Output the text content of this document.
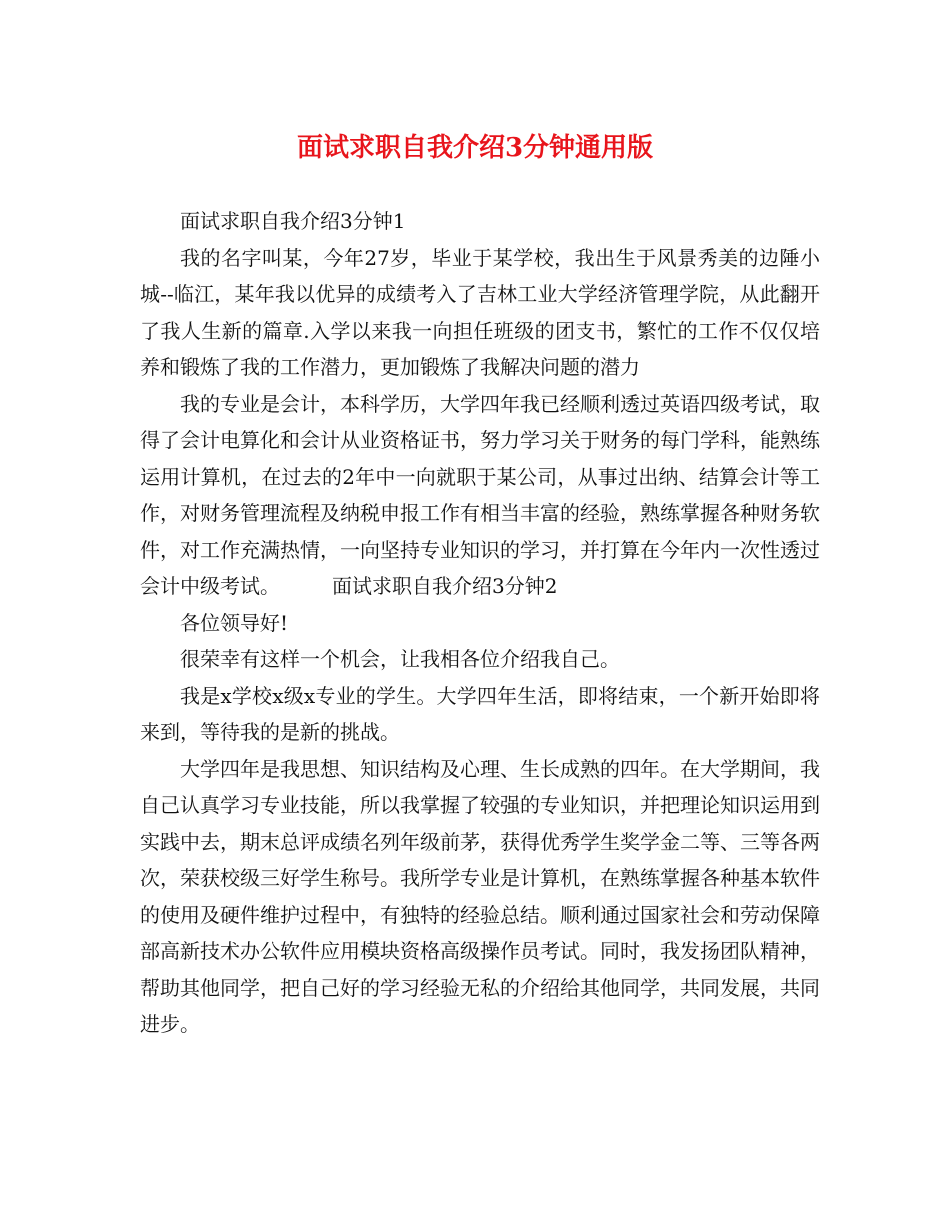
面试求职自我介绍3分钟通用版

面试求职自我介绍3分钟1

我的名字叫某，今年27岁，毕业于某学校，我出生于风景秀美的边陲小城--临江，某年我以优异的成绩考入了吉林工业大学经济管理学院，从此翻开了我人生新的篇章.入学以来我一向担任班级的团支书，繁忙的工作不仅仅培养和锻炼了我的工作潜力，更加锻炼了我解决问题的潜力

我的专业是会计，本科学历，大学四年我已经顺利透过英语四级考试，取得了会计电算化和会计从业资格证书，努力学习关于财务的每门学科，能熟练运用计算机，在过去的2年中一向就职于某公司，从事过出纳、结算会计等工作，对财务管理流程及纳税申报工作有相当丰富的经验，熟练掌握各种财务软件，对工作充满热情，一向坚持专业知识的学习，并打算在今年内一次性透过会计中级考试。	面试求职自我介绍3分钟2

各位领导好!

很荣幸有这样一个机会，让我相各位介绍我自己。

我是x学校x级x专业的学生。大学四年生活，即将结束，一个新开始即将来到，等待我的是新的挑战。

大学四年是我思想、知识结构及心理、生长成熟的四年。在大学期间，我自己认真学习专业技能，所以我掌握了较强的专业知识，并把理论知识运用到实践中去，期末总评成绩名列年级前茅，获得优秀学生奖学金二等、三等各两次，荣获校级三好学生称号。我所学专业是计算机，在熟练掌握各种基本软件的使用及硬件维护过程中，有独特的经验总结。顺利通过国家社会和劳动保障部高新技术办公软件应用模块资格高级操作员考试。同时，我发扬团队精神，帮助其他同学，把自己好的学习经验无私的介绍给其他同学，共同发展，共同进步。
